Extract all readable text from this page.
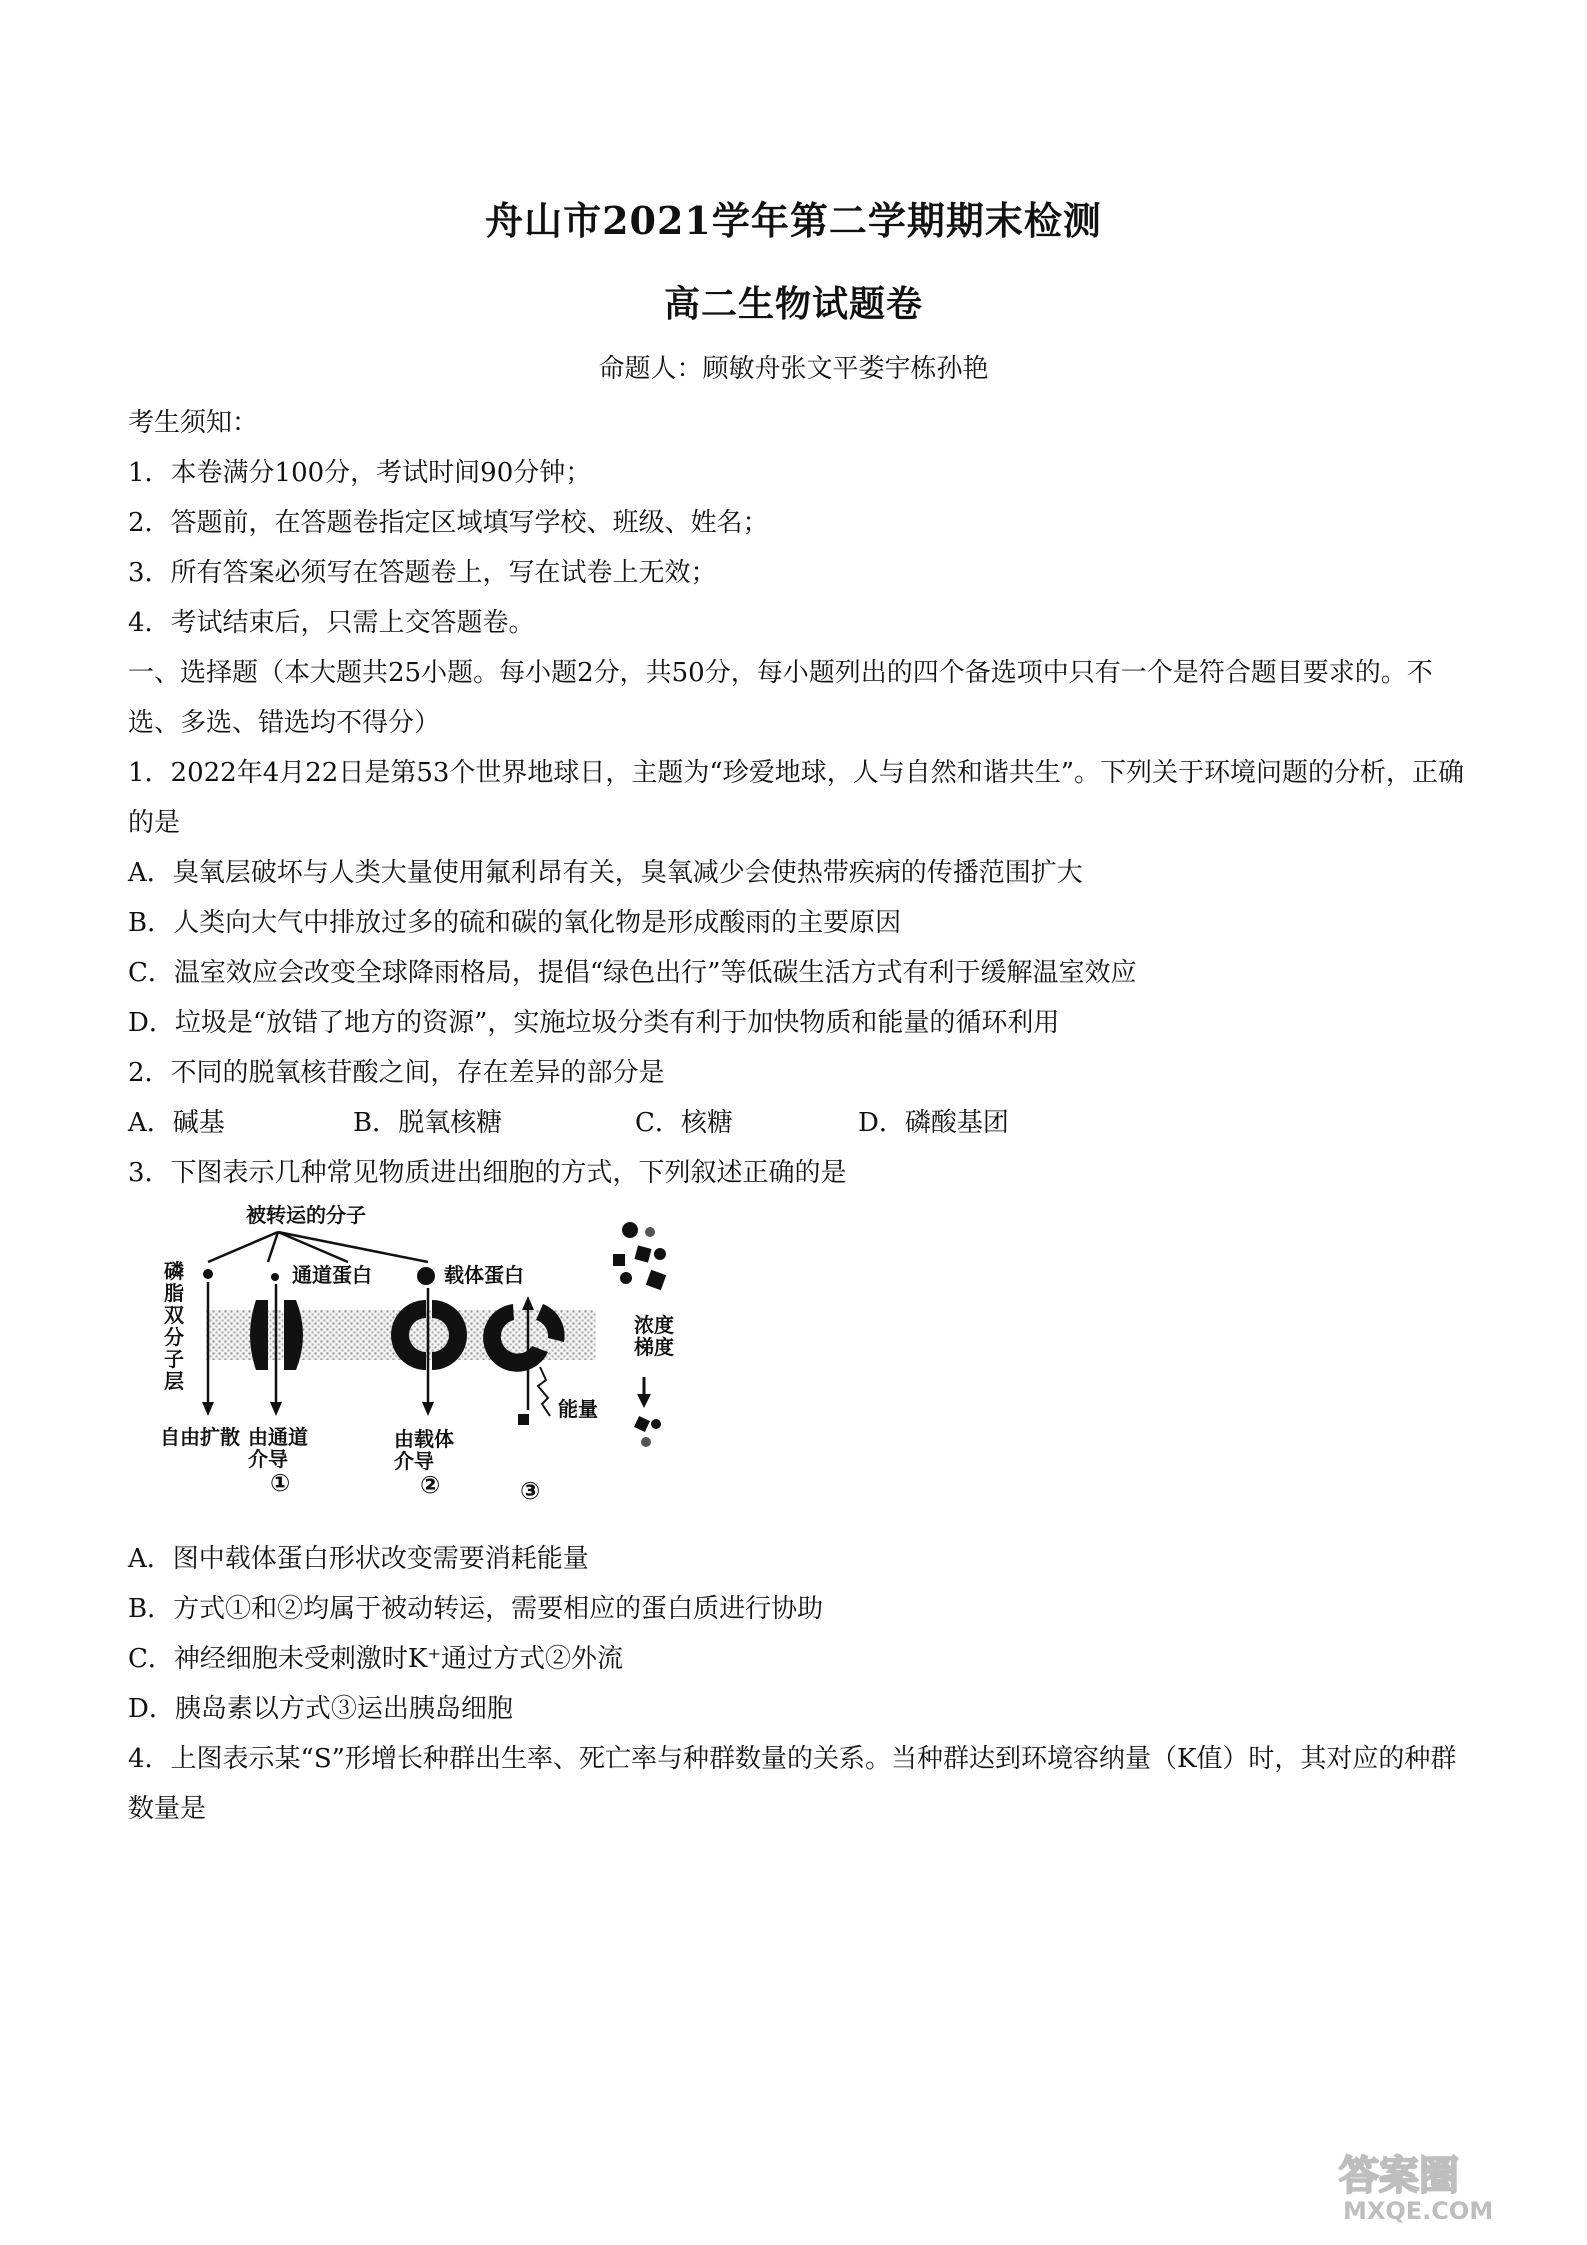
舟山市2021学年第二学期期末检测
高二生物试题卷
命题人：顾敏舟张文平娄宇栋孙艳
考生须知：
1．本卷满分100分，考试时间90分钟；
2．答题前，在答题卷指定区域填写学校、班级、姓名；
3．所有答案必须写在答题卷上，写在试卷上无效；
4．考试结束后，只需上交答题卷。
一、选择题（本大题共25小题。每小题2分，共50分，每小题列出的四个备选项中只有一个是符合题目要求的。不选、多选、错选均不得分）
1．2022年4月22日是第53个世界地球日，主题为“珍爱地球，人与自然和谐共生”。下列关于环境问题的分析，正确的是
A．臭氧层破坏与人类大量使用氟利昂有关，臭氧减少会使热带疾病的传播范围扩大
B．人类向大气中排放过多的硫和碳的氧化物是形成酸雨的主要原因
C．温室效应会改变全球降雨格局，提倡“绿色出行”等低碳生活方式有利于缓解温室效应
D．垃圾是“放错了地方的资源”，实施垃圾分类有利于加快物质和能量的循环利用
2．不同的脱氧核苷酸之间，存在差异的部分是
A．碱基	B．脱氧核糖	C．核糖	D．磷酸基团
3．下图表示几种常见物质进出细胞的方式，下列叙述正确的是
被转运的分子
磷脂双分子层
通道蛋白	载体蛋白
浓度梯度
能量
自由扩散 由通道介导
由载体介导
①	②	③
A．图中载体蛋白形状改变需要消耗能量
B．方式①和②均属于被动转运，需要相应的蛋白质进行协助
C．神经细胞未受刺激时K⁺通过方式②外流
D．胰岛素以方式③运出胰岛细胞
4．上图表示某“S”形增长种群出生率、死亡率与种群数量的关系。当种群达到环境容纳量（K值）时，其对应的种群数量是
答案圈
MXQE.COM
